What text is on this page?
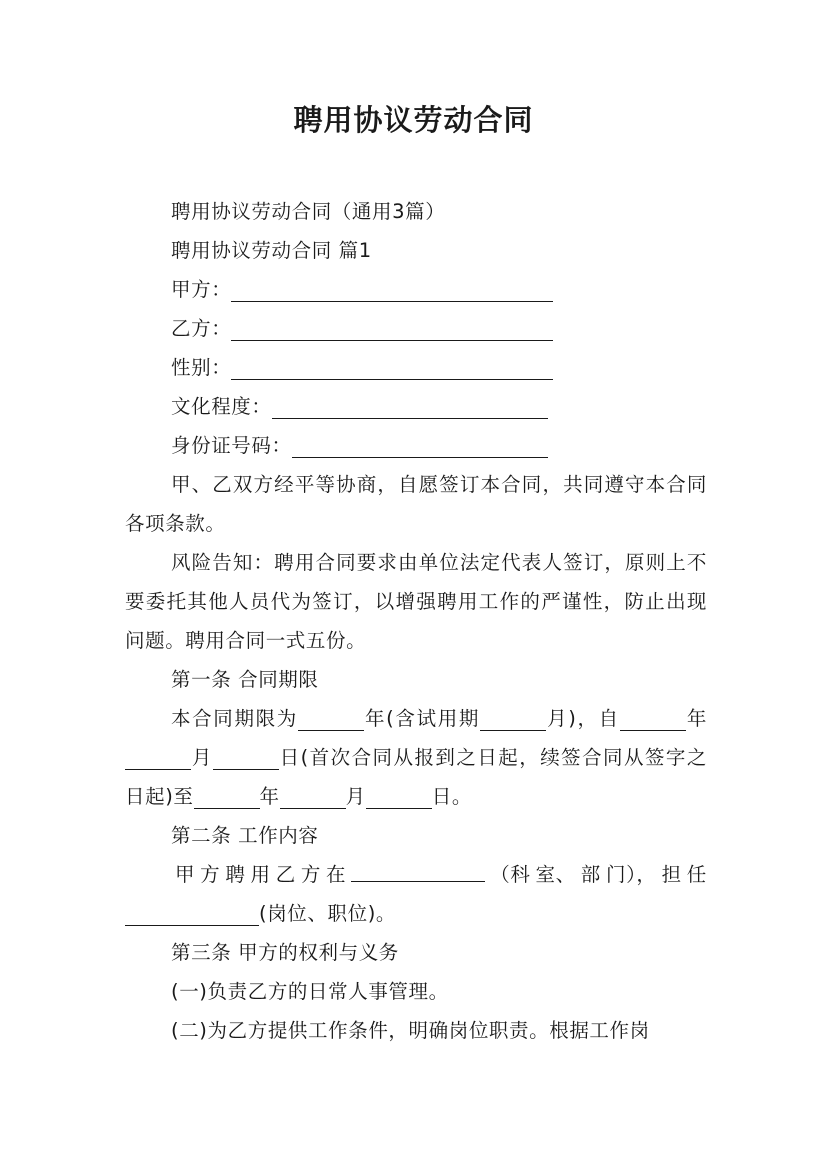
聘用协议劳动合同

聘用协议劳动合同（通用3篇）

聘用协议劳动合同 篇1

甲方：

乙方：

性别：

文化程度：

身份证号码：

甲、乙双方经平等协商，自愿签订本合同，共同遵守本合同各项条款。

风险告知：聘用合同要求由单位法定代表人签订，原则上不要委托其他人员代为签订，以增强聘用工作的严谨性，防止出现问题。聘用合同一式五份。

第一条 合同期限

本合同期限为	年(含试用期	月)，自	年月	日(首次合同从报到之日起，续签合同从签字之日起)至	年	月	日。

第二条 工作内容

甲 方 聘 用 乙 方 在	（科 室、 部 门）， 担 任

(岗位、职位)。

第三条 甲方的权利与义务

(一)负责乙方的日常人事管理。

(二)为乙方提供工作条件，明确岗位职责。根据工作岗
